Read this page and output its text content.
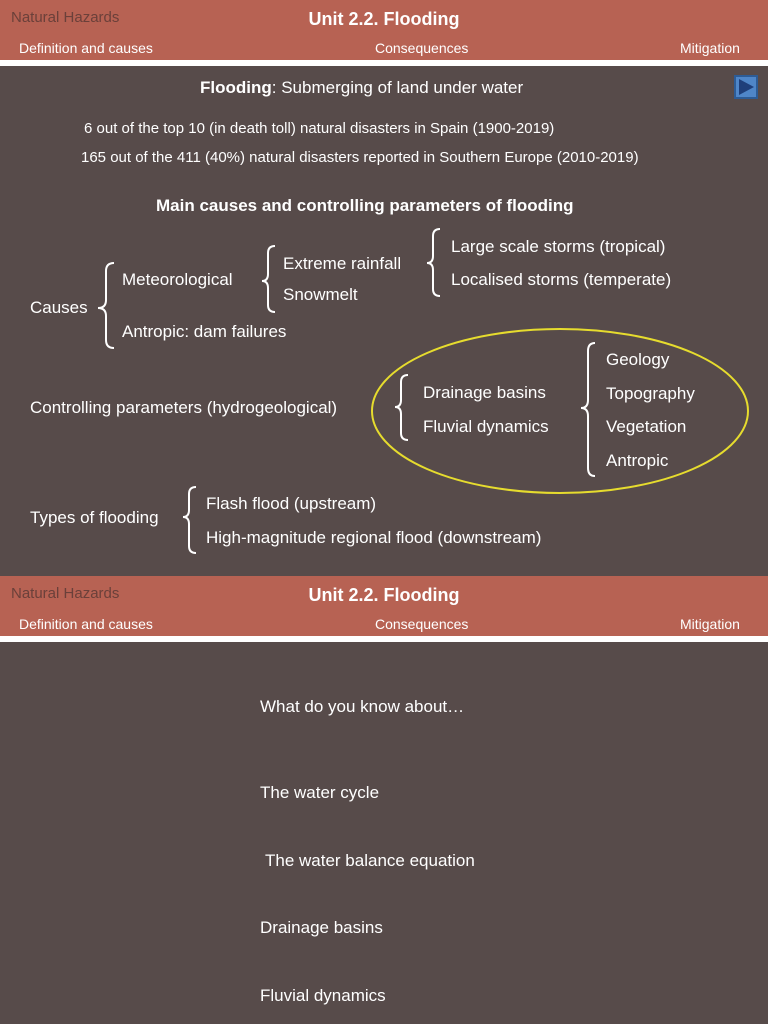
Natural Hazards	Unit 2.2. Flooding
Definition and causes	Consequences	Mitigation
Flooding: Submerging of land under water
6 out of the top 10 (in death toll) natural disasters in Spain (1900-2019)
165 out of the 411 (40%) natural disasters reported in Southern Europe (2010-2019)
Main causes and controlling parameters of flooding
Causes
Meteorological
Antropic: dam failures
Extreme rainfall
Snowmelt
Large scale storms (tropical)
Localised storms (temperate)
Controlling parameters (hydrogeological)
Drainage basins
Fluvial dynamics
Geology
Topography
Vegetation
Antropic
Types of flooding
Flash flood (upstream)
High-magnitude regional flood (downstream)
Natural Hazards	Unit 2.2. Flooding
Definition and causes	Consequences	Mitigation
What do you know about…
The water cycle
The water balance equation
Drainage basins
Fluvial dynamics
